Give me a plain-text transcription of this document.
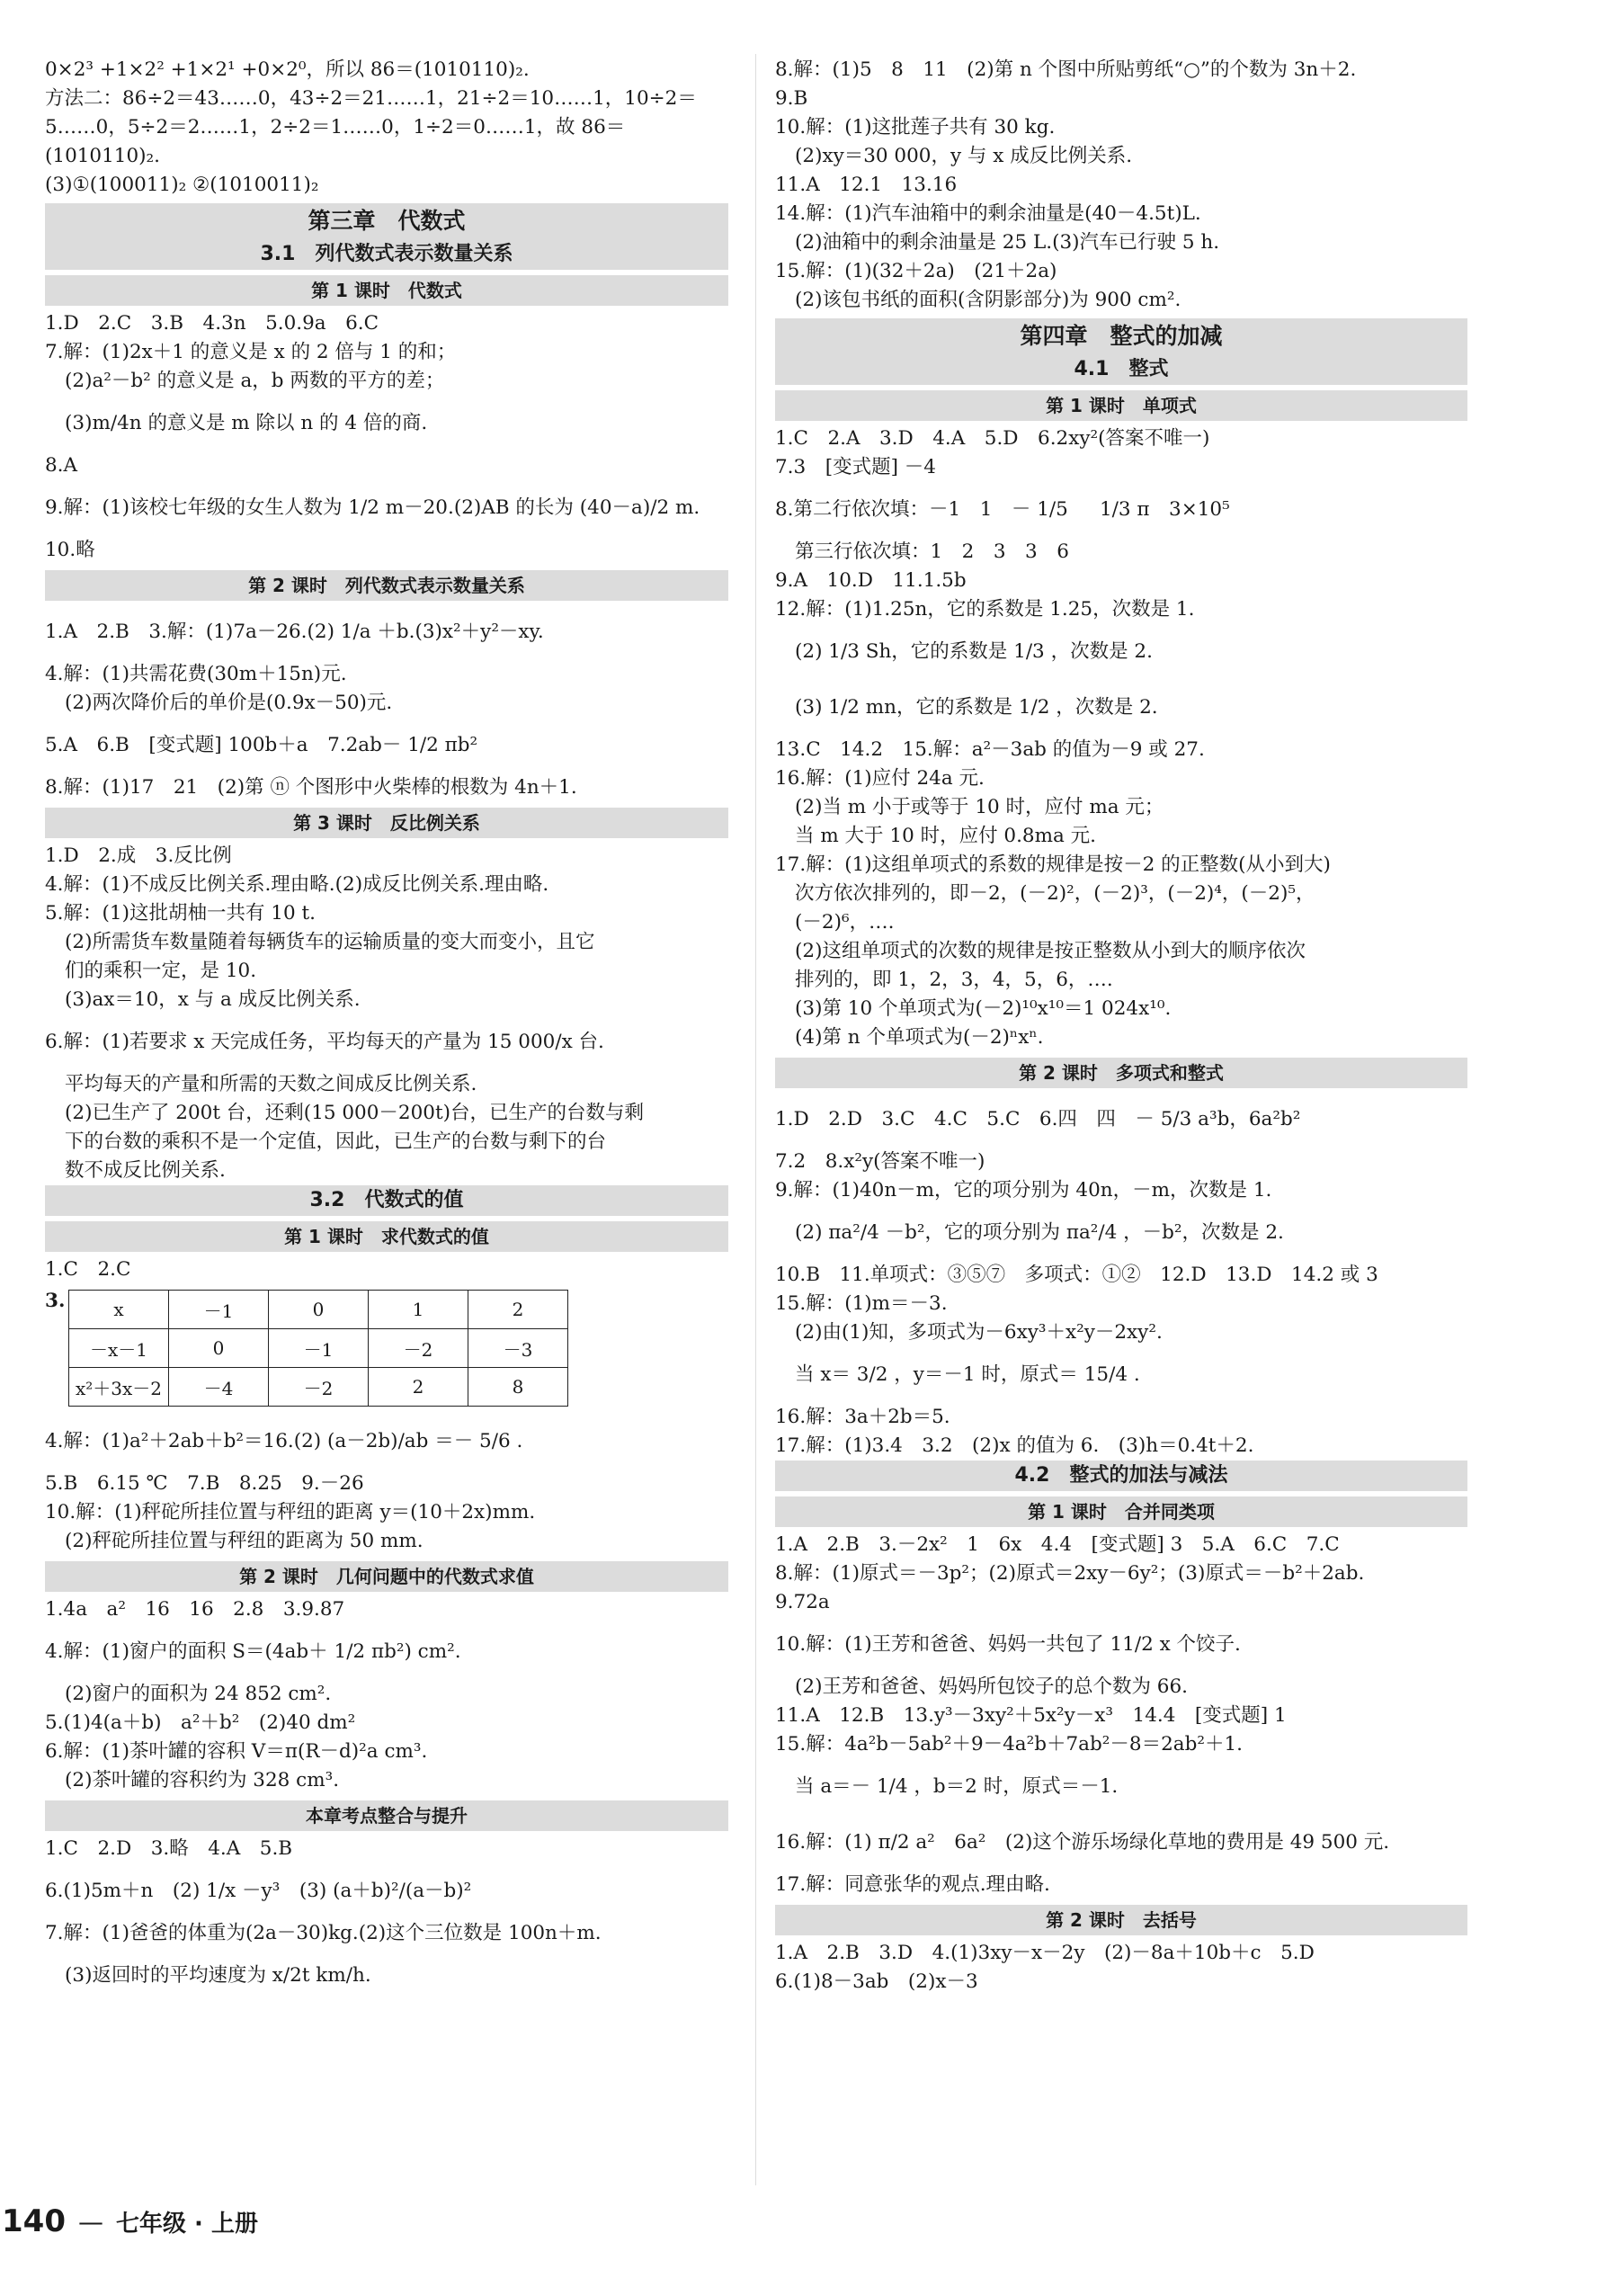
0×2³ +1×2² +1×2¹ +0×2⁰，所以 86＝(1010110)₂.
方法二：86÷2＝43……0，43÷2＝21……1，21÷2＝10……1，10÷2＝
5……0，5÷2＝2……1，2÷2＝1……0，1÷2＝0……1，故 86＝
(1010110)₂.
(3)①(100011)₂ ②(1010011)₂
第三章　代数式
3.1　列代数式表示数量关系
第 1 课时　代数式
1.D　2.C　3.B　4.3n　5.0.9a　6.C
7.解：(1)2x＋1 的意义是 x 的 2 倍与 1 的和；
(2)a²－b² 的意义是 a，b 两数的平方的差；
(3)m/4n 的意义是 m 除以 n 的 4 倍的商.
8.A
9.解：(1)该校七年级的女生人数为 1/2 m－20.(2)AB 的长为 (40－a)/2 m.
10.略
第 2 课时　列代数式表示数量关系
1.A　2.B　3.解：(1)7a－26.(2) 1/a ＋b.(3)x²＋y²－xy.
4.解：(1)共需花费(30m＋15n)元.
(2)两次降价后的单价是(0.9x－50)元.
5.A　6.B　[变式题] 100b＋a　7.2ab－ 1/2 πb²
8.解：(1)17　21　(2)第 ⓝ 个图形中火柴棒的根数为 4n＋1.
第 3 课时　反比例关系
1.D　2.成　3.反比例
4.解：(1)不成反比例关系.理由略.(2)成反比例关系.理由略.
5.解：(1)这批胡柚一共有 10 t.
(2)所需货车数量随着每辆货车的运输质量的变大而变小，且它
们的乘积一定，是 10.
(3)ax＝10，x 与 a 成反比例关系.
6.解：(1)若要求 x 天完成任务，平均每天的产量为 15 000/x 台.
平均每天的产量和所需的天数之间成反比例关系.
(2)已生产了 200t 台，还剩(15 000－200t)台，已生产的台数与剩
下的台数的乘积不是一个定值，因此，已生产的台数与剩下的台
数不成反比例关系.
3.2　代数式的值
第 1 课时　求代数式的值
1.C　2.C
3.	x	－1	0	1	2
－x－1	0	－1	－2	－3
x²＋3x－2	－4	－2	2	8
4.解：(1)a²＋2ab＋b²＝16.(2) (a－2b)/ab ＝－ 5/6 .
5.B　6.15 ℃　7.B　8.25　9.－26
10.解：(1)秤砣所挂位置与秤纽的距离 y＝(10＋2x)mm.
(2)秤砣所挂位置与秤纽的距离为 50 mm.
第 2 课时　几何问题中的代数式求值
1.4a　a²　16　16　2.8　3.9.87
4.解：(1)窗户的面积 S＝(4ab＋ 1/2 πb²) cm².
(2)窗户的面积为 24 852 cm².
5.(1)4(a＋b)　a²＋b²　(2)40 dm²
6.解：(1)茶叶罐的容积 V＝π(R－d)²a cm³.
(2)茶叶罐的容积约为 328 cm³.
本章考点整合与提升
1.C　2.D　3.略　4.A　5.B
6.(1)5m＋n　(2) 1/x －y³　(3) (a＋b)²/(a－b)²
7.解：(1)爸爸的体重为(2a－30)kg.(2)这个三位数是 100n＋m.
(3)返回时的平均速度为 x/2t km/h.
8.解：(1)5　8　11　(2)第 n 个图中所贴剪纸“○”的个数为 3n＋2.
9.B
10.解：(1)这批莲子共有 30 kg.
(2)xy＝30 000，y 与 x 成反比例关系.
11.A　12.1　13.16
14.解：(1)汽车油箱中的剩余油量是(40－4.5t)L.
(2)油箱中的剩余油量是 25 L.(3)汽车已行驶 5 h.
15.解：(1)(32＋2a)　(21＋2a)
(2)该包书纸的面积(含阴影部分)为 900 cm².
第四章　整式的加减
4.1　整式
第 1 课时　单项式
1.C　2.A　3.D　4.A　5.D　6.2xy²(答案不唯一)
7.3　[变式题] －4
8.第二行依次填：－1　1　－ 1/5 　 1/3 π　3×10⁵
第三行依次填：1　2　3　3　6
9.A　10.D　11.1.5b
12.解：(1)1.25n，它的系数是 1.25，次数是 1.
(2) 1/3 Sh，它的系数是 1/3 ，次数是 2.
(3) 1/2 mn，它的系数是 1/2 ，次数是 2.
13.C　14.2　15.解：a²－3ab 的值为－9 或 27.
16.解：(1)应付 24a 元.
(2)当 m 小于或等于 10 时，应付 ma 元；
当 m 大于 10 时，应付 0.8ma 元.
17.解：(1)这组单项式的系数的规律是按－2 的正整数(从小到大)
次方依次排列的，即－2，(－2)²，(－2)³，(－2)⁴，(－2)⁵，
(－2)⁶，….
(2)这组单项式的次数的规律是按正整数从小到大的顺序依次
排列的，即 1，2，3，4，5，6，….
(3)第 10 个单项式为(－2)¹⁰x¹⁰＝1 024x¹⁰.
(4)第 n 个单项式为(－2)ⁿxⁿ.
第 2 课时　多项式和整式
1.D　2.D　3.C　4.C　5.C　6.四　四　－ 5/3 a³b，6a²b²
7.2　8.x²y(答案不唯一)
9.解：(1)40n－m，它的项分别为 40n，－m，次数是 1.
(2) πa²/4 －b²，它的项分别为 πa²/4 ，－b²，次数是 2.
10.B　11.单项式：③⑤⑦　多项式：①②　12.D　13.D　14.2 或 3
15.解：(1)m＝－3.
(2)由(1)知，多项式为－6xy³＋x²y－2xy².
当 x＝ 3/2 ，y＝－1 时，原式＝ 15/4 .
16.解：3a＋2b＝5.
17.解：(1)3.4　3.2　(2)x 的值为 6.　(3)h＝0.4t＋2.
4.2　整式的加法与减法
第 1 课时　合并同类项
1.A　2.B　3.－2x²　1　6x　4.4　[变式题] 3　5.A　6.C　7.C
8.解：(1)原式＝－3p²；(2)原式＝2xy－6y²；(3)原式＝－b²＋2ab.
9.72a
10.解：(1)王芳和爸爸、妈妈一共包了 11/2 x 个饺子.
(2)王芳和爸爸、妈妈所包饺子的总个数为 66.
11.A　12.B　13.y³－3xy²＋5x²y－x³　14.4　[变式题] 1
15.解：4a²b－5ab²＋9－4a²b＋7ab²－8＝2ab²＋1.
当 a＝－ 1/4 ，b＝2 时，原式＝－1.
16.解：(1) π/2 a²　6a²　(2)这个游乐场绿化草地的费用是 49 500 元.
17.解：同意张华的观点.理由略.
第 2 课时　去括号
1.A　2.B　3.D　4.(1)3xy－x－2y　(2)－8a＋10b＋c　5.D
6.(1)8－3ab　(2)x－3
140 — 七年级 · 上册
